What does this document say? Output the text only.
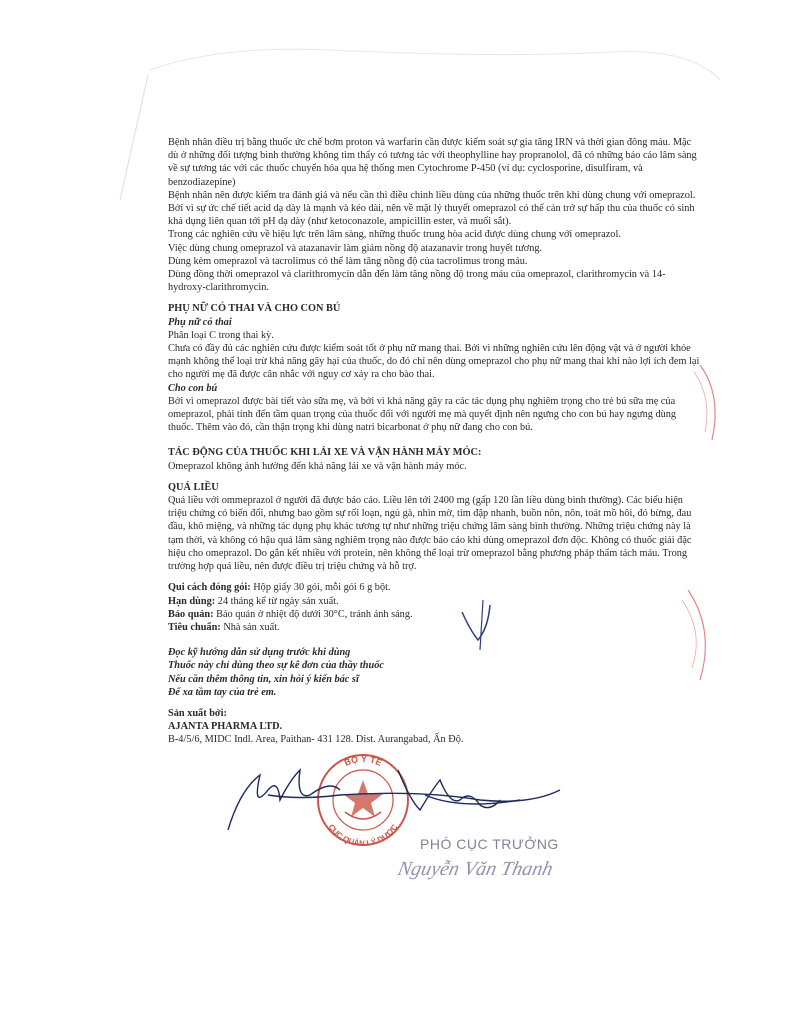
BỘ Y TẾ
CỤC QUẢN LÝ DƯỢC

Bệnh nhân điều trị bằng thuốc ức chế bơm proton và warfarin cần được kiểm soát sự gia tăng IRN và thời gian đông máu. Mặc dù ở những đối tượng bình thường không tìm thấy có tương tác với theophylline hay propranolol, đã có những báo cáo lâm sàng về sự tương tác với các thuốc chuyển hóa qua hệ thống men Cytochrome P-450 (ví dụ: cyclosporine, disulfiram, và benzodiazepine)

Bệnh nhân nên được kiểm tra đánh giá và nếu cần thì điều chỉnh liều dùng của những thuốc trên khi dùng chung với omeprazol.

Bởi vì sự ức chế tiết acid dạ dày là mạnh và kéo dài, nên về mặt lý thuyết omeprazol có thể cản trở sự hấp thu của thuốc có sinh khả dụng liên quan tới pH dạ dày (như ketoconazole, ampicillin ester, và muối sắt).

Trong các nghiên cứu về hiệu lực trên lâm sàng, những thuốc trung hòa acid được dùng chung với omeprazol.

Việc dùng chung omeprazol và atazanavir làm giảm nồng độ atazanavir trong huyết tương.

Dùng kèm omeprazol và tacrolimus có thể làm tăng nồng độ của tacrolimus trong máu.

Dùng đồng thời omeprazol và clarithromycin dẫn đến làm tăng nồng độ trong máu của omeprazol, clarithromycin và 14-hydroxy-clarithromycin.

PHỤ NỮ CÓ THAI VÀ CHO CON BÚ

Phụ nữ có thai

Phân loại C trong thai kỳ.

Chưa có đầy đủ các nghiên cứu được kiểm soát tốt ở phụ nữ mang thai. Bởi vì những nghiên cứu lên động vật và ở người khỏe mạnh không thể loại trừ khả năng gây hại của thuốc, do đó chỉ nên dùng omeprazol cho phụ nữ mang thai khi nào lợi ích đem lại cho người mẹ đã được cân nhắc với nguy cơ xảy ra cho bào thai.

Cho con bú

Bởi vì omeprazol được bài tiết vào sữa mẹ, và bởi vì khả năng gây ra các tác dụng phụ nghiêm trọng cho trẻ bú sữa mẹ của omeprazol, phải tính đến tầm quan trọng của thuốc đối với người mẹ mà quyết định nên ngưng cho con bú hay ngưng dùng thuốc. Thêm vào đó, cần thận trọng khi dùng natri bicarbonat ở phụ nữ đang cho con bú.

TÁC ĐỘNG CỦA THUỐC KHI LÁI XE VÀ VẬN HÀNH MÁY MÓC:

Omeprazol không ảnh hưởng đến khả năng lái xe và vận hành máy móc.

QUÁ LIỀU

Quá liều với ommeprazol ở người đã được báo cáo. Liều lên tới 2400 mg (gấp 120 lần liều dùng bình thường). Các biểu hiện triệu chứng có biến đổi, nhưng bao gồm sự rối loạn, ngủ gà, nhìn mờ, tim đập nhanh, buồn nôn, nôn, toát mồ hôi, đỏ bừng, đau đầu, khô miệng, và những tác dụng phụ khác tương tự như những triệu chứng lâm sàng bình thường. Những triệu chứng này là tạm thời, và không có hậu quả lâm sàng nghiêm trọng nào được báo cáo khi dùng omeprazol đơn độc. Không có thuốc giải đặc hiệu cho omeprazol. Do gắn kết nhiều với protein, nên không thể loại trừ omeprazol bằng phương pháp thẩm tách máu. Trong trường hợp quá liều, nên được điều trị triệu chứng và hỗ trợ.

Qui cách đóng gói: Hộp giấy 30 gói, mỗi gói 6 g bột.

Hạn dùng: 24 tháng kể từ ngày sản xuất.

Bảo quản: Bảo quản ở nhiệt độ dưới 30°C, tránh ánh sáng.

Tiêu chuẩn: Nhà sản xuất.

Đọc kỹ hướng dẫn sử dụng trước khi dùng

Thuốc này chỉ dùng theo sự kê đơn của thầy thuốc

Nếu cần thêm thông tin, xin hỏi ý kiến bác sĩ

Để xa tầm tay của trẻ em.

Sản xuất bởi:

AJANTA PHARMA LTD.

B-4/5/6, MIDC Indl. Area, Paithan- 431 128. Dist. Aurangabad, Ấn Độ.

PHÓ CỤC TRƯỞNG

Nguyễn Văn Thanh
